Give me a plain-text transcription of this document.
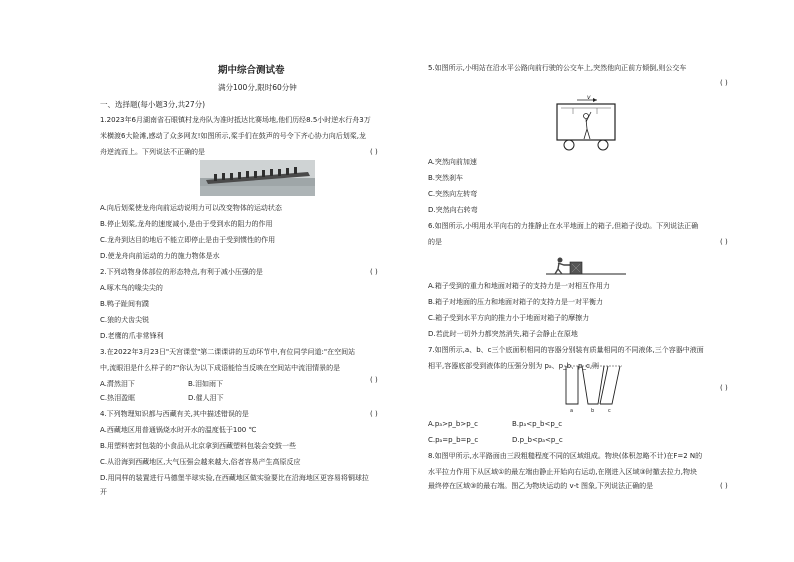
期中综合测试卷
满分100分,限时60分钟
一、选择题(每小题3分,共27分)
1.2023年6月湖南省石眼镇村龙舟队为准时抵达比赛场地,他们历经8.5小时逆水行舟3万
米横渡6大险滩,感动了众多网友!如图所示,桨手们在鼓声的号令下齐心协力向后划桨,龙
舟逆流而上。下列说法不正确的是	( )
A.向后划桨使龙舟向前运动说明力可以改变物体的运动状态
B.停止划桨,龙舟的速度减小,是由于受到水的阻力的作用
C.龙舟到达目的地后不能立即停止是由于受到惯性的作用
D.使龙舟向前运动的力的施力物体是水
2.下列动物身体部位的形态特点,有利于减小压强的是	( )
A.啄木鸟的喙尖尖的
B.鸭子趾间有蹼
C.狼的犬齿尖锐
D.老鹰的爪非常锋利
3.在2022年3月23日"天宫课堂"第二课课讲的互动环节中,有位同学问道:"在空间站
中,流眼泪是什么样子的?"你认为以下成语能恰当反映在空间站中流泪情景的是
( )
A.潸然泪下	B.泪如雨下
C.热泪盈眶	D.催人泪下
4.下列物理知识都与西藏有关,其中描述错误的是	( )
A.西藏地区用普通锅烧水时开水的温度低于100 ℃
B.用塑料密封包装的小食品从北京拿到西藏塑料包装会变鼓一些
C.从沿海到西藏地区,大气压强会越来越大,俗者容易产生高原反应
D.用同样的装置进行马德堡半球实验,在西藏地区做实验要比在沿海地区更容易将铜球拉
开
5.如图所示,小明站在沿水平公路向前行驶的公交车上,突然他向正前方倾倒,则公交车
( )
v
A.突然向前加速
B.突然刹车
C.突然向左转弯
D.突然向右转弯
6.如图所示,小明用水平向右的力推静止在水平地面上的箱子,但箱子没动。下列说法正确
的是	( )
A.箱子受到的重力和地面对箱子的支持力是一对相互作用力
B.箱子对地面的压力和地面对箱子的支持力是一对平衡力
C.箱子受到水平方向的推力小于地面对箱子的摩擦力
D.若此时一切外力都突然消失,箱子会静止在原地
7.如图所示,a、b、c三个底面积相同的容器分别装有质量相同的不同液体,三个容器中液面
相平,容器底部受到液体的压强分别为 pₐ、p_b、p_c,则
a	b	c
( )
A.pₐ>p_b>p_c	B.pₐ<p_b<p_c
C.pₐ=p_b=p_c	D.p_b<pₐ<p_c
8.如图甲所示,水平路面由三段粗糙程度不同的区域组成。物块(体积忽略不计)在F=2 N的
水平拉力作用下从区域①的最左端由静止开始向右运动,在刚进入区域③时撤去拉力,物块
最终停在区域③的最右端。图乙为物块运动的 v-t 图象,下列说法正确的是	( )
